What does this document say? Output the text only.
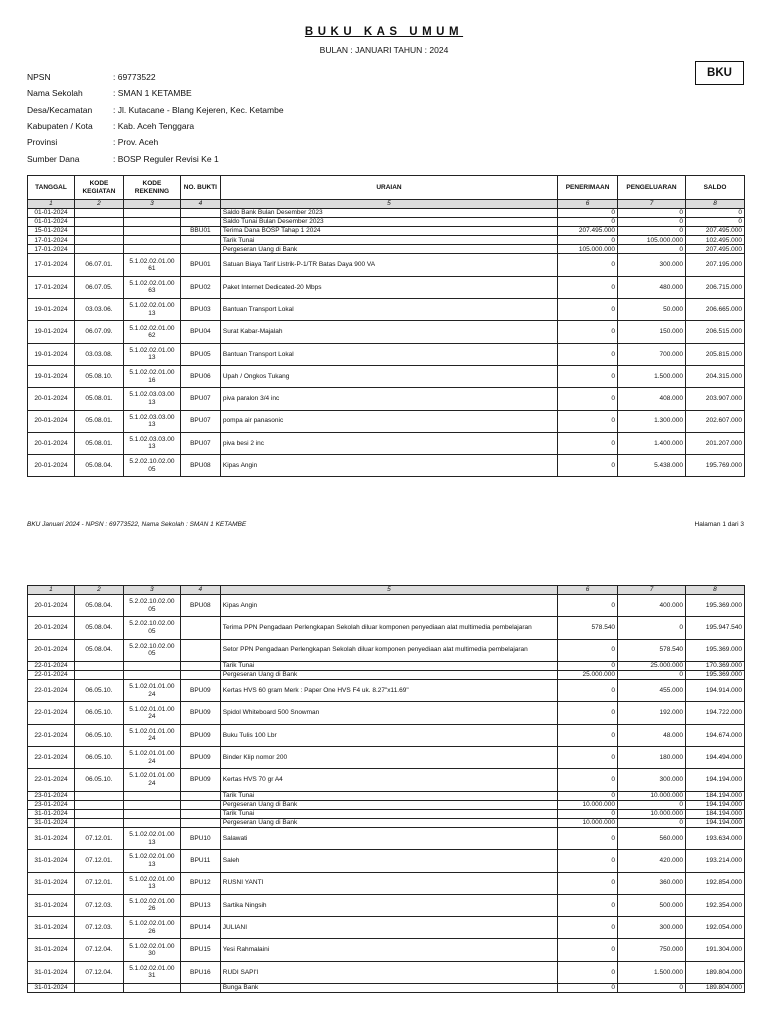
BUKU KAS UMUM
BULAN : JANUARI TAHUN : 2024
BKU
NPSN	: 69773522
Nama Sekolah	: SMAN 1 KETAMBE
Desa/Kecamatan	: Jl. Kutacane - Blang Kejeren, Kec. Ketambe
Kabupaten / Kota	: Kab. Aceh Tenggara
Provinsi	: Prov. Aceh
Sumber Dana	: BOSP Reguler Revisi Ke 1
TANGGAL	KODE KEGIATAN	KODE REKENING	NO. BUKTI	URAIAN	PENERIMAAN	PENGELUARAN	SALDO
1	2	3	4	5	6	7	8
01-01-2024				Saldo Bank Bulan Desember 2023	0	0	0
01-01-2024				Saldo Tunai Bulan Desember 2023	0	0	0
15-01-2024			BBU01	Terima Dana BOSP Tahap 1 2024	207.495.000	0	207.495.000
17-01-2024				Tarik Tunai	0	105.000.000	102.495.000
17-01-2024				Pergeseran Uang di Bank	105.000.000	0	207.495.000
17-01-2024	06.07.01.	5.1.02.02.01.00 61	BPU01	Satuan Biaya Tarif Listrik-P-1/TR Batas Daya 900 VA	0	300.000	207.195.000
17-01-2024	06.07.05.	5.1.02.02.01.00 63	BPU02	Paket Internet Dedicated-20 Mbps	0	480.000	206.715.000
19-01-2024	03.03.06.	5.1.02.02.01.00 13	BPU03	Bantuan Transport Lokal	0	50.000	206.665.000
19-01-2024	06.07.09.	5.1.02.02.01.00 62	BPU04	Surat Kabar-Majalah	0	150.000	206.515.000
19-01-2024	03.03.08.	5.1.02.02.01.00 13	BPU05	Bantuan Transport Lokal	0	700.000	205.815.000
19-01-2024	05.08.10.	5.1.02.02.01.00 16	BPU06	Upah / Ongkos Tukang	0	1.500.000	204.315.000
20-01-2024	05.08.01.	5.1.02.03.03.00 13	BPU07	piva paralon 3/4 inc	0	408.000	203.907.000
20-01-2024	05.08.01.	5.1.02.03.03.00 13	BPU07	pompa air panasonic	0	1.300.000	202.607.000
20-01-2024	05.08.01.	5.1.02.03.03.00 13	BPU07	piva besi 2 inc	0	1.400.000	201.207.000
20-01-2024	05.08.04.	5.2.02.10.02.00 05	BPU08	Kipas Angin	0	5.438.000	195.769.000
BKU Januari 2024 - NPSN : 69773522, Nama Sekolah : SMAN 1 KETAMBE	Halaman 1 dari 3
1	2	3	4	5	6	7	8
20-01-2024	05.08.04.	5.2.02.10.02.00 05	BPU08	Kipas Angin	0	400.000	195.369.000
20-01-2024	05.08.04.	5.2.02.10.02.00 05		Terima PPN Pengadaan Perlengkapan Sekolah diluar komponen penyediaan alat multimedia pembelajaran	578.540	0	195.947.540
20-01-2024	05.08.04.	5.2.02.10.02.00 05		Setor PPN Pengadaan Perlengkapan Sekolah diluar komponen penyediaan alat multimedia pembelajaran	0	578.540	195.369.000
22-01-2024				Tarik Tunai	0	25.000.000	170.369.000
22-01-2024				Pergeseran Uang di Bank	25.000.000	0	195.369.000
22-01-2024	06.05.10.	5.1.02.01.01.00 24	BPU09	Kertas HVS 60 gram Merk : Paper One HVS F4 uk. 8.27"x11.69"	0	455.000	194.914.000
22-01-2024	06.05.10.	5.1.02.01.01.00 24	BPU09	Spidol Whiteboard 500 Snowman	0	192.000	194.722.000
22-01-2024	06.05.10.	5.1.02.01.01.00 24	BPU09	Buku Tulis 100 Lbr	0	48.000	194.674.000
22-01-2024	06.05.10.	5.1.02.01.01.00 24	BPU09	Binder Klip nomor 200	0	180.000	194.494.000
22-01-2024	06.05.10.	5.1.02.01.01.00 24	BPU09	Kertas HVS 70 gr A4	0	300.000	194.194.000
23-01-2024				Tarik Tunai	0	10.000.000	184.194.000
23-01-2024				Pergeseran Uang di Bank	10.000.000	0	194.194.000
31-01-2024				Tarik Tunai	0	10.000.000	184.194.000
31-01-2024				Pergeseran Uang di Bank	10.000.000	0	194.194.000
31-01-2024	07.12.01.	5.1.02.02.01.00 13	BPU10	Salawati	0	560.000	193.634.000
31-01-2024	07.12.01.	5.1.02.02.01.00 13	BPU11	Saleh	0	420.000	193.214.000
31-01-2024	07.12.01.	5.1.02.02.01.00 13	BPU12	RUSNI YANTI	0	360.000	192.854.000
31-01-2024	07.12.03.	5.1.02.02.01.00 26	BPU13	Sartika Ningsih	0	500.000	192.354.000
31-01-2024	07.12.03.	5.1.02.02.01.00 26	BPU14	JULIANI	0	300.000	192.054.000
31-01-2024	07.12.04.	5.1.02.02.01.00 30	BPU15	Yesi Rahmalaini	0	750.000	191.304.000
31-01-2024	07.12.04.	5.1.02.02.01.00 31	BPU16	RUDI SAPI'I	0	1.500.000	189.804.000
31-01-2024				Bunga Bank	0	0	189.804.000
